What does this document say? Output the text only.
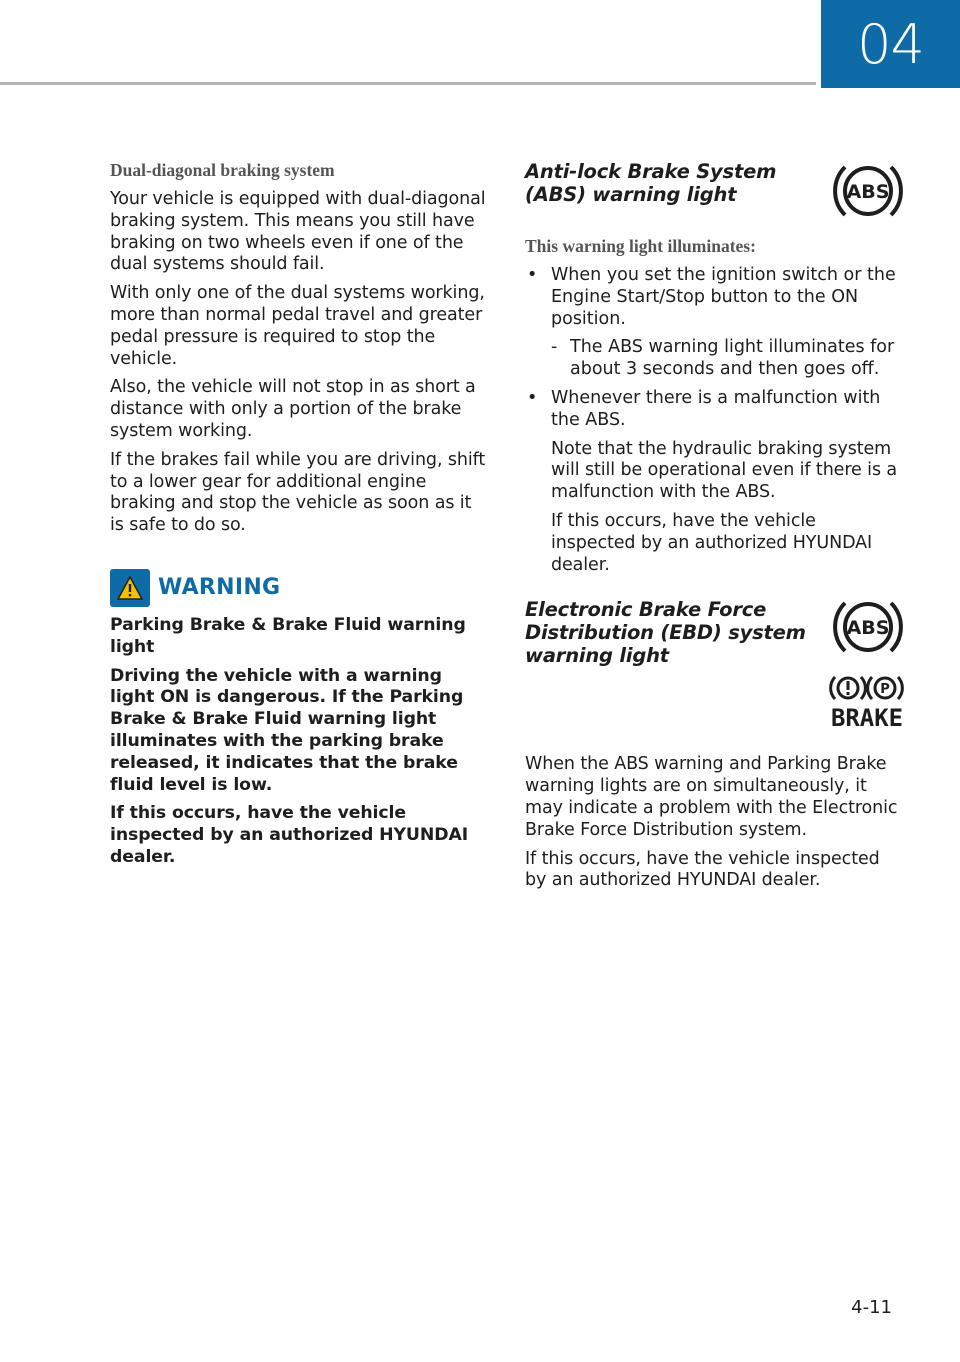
04
Dual-diagonal braking system

Your vehicle is equipped with dual-diagonal braking system. This means you still have braking on two wheels even if one of the dual systems should fail.

With only one of the dual systems working, more than normal pedal travel and greater pedal pressure is required to stop the vehicle.

Also, the vehicle will not stop in as short a distance with only a portion of the brake system working.

If the brakes fail while you are driving, shift to a lower gear for additional engine braking and stop the vehicle as soon as it is safe to do so.

WARNING

Parking Brake & Brake Fluid warning light

Driving the vehicle with a warning light ON is dangerous. If the Parking Brake & Brake Fluid warning light illuminates with the parking brake released, it indicates that the brake fluid level is low.

If this occurs, have the vehicle inspected by an authorized HYUNDAI dealer.

Anti-lock Brake System (ABS) warning light	ABS
This warning light illuminates:
• When you set the ignition switch or the Engine Start/Stop button to the ON position.
- The ABS warning light illuminates for about 3 seconds and then goes off.
• Whenever there is a malfunction with the ABS.

Note that the hydraulic braking system will still be operational even if there is a malfunction with the ABS.

If this occurs, have the vehicle inspected by an authorized HYUNDAI dealer.

Electronic Brake Force Distribution (EBD) system warning light
ABS
P
BRAKE

When the ABS warning and Parking Brake warning lights are on simultaneously, it may indicate a problem with the Electronic Brake Force Distribution system.

If this occurs, have the vehicle inspected by an authorized HYUNDAI dealer.

4-11
